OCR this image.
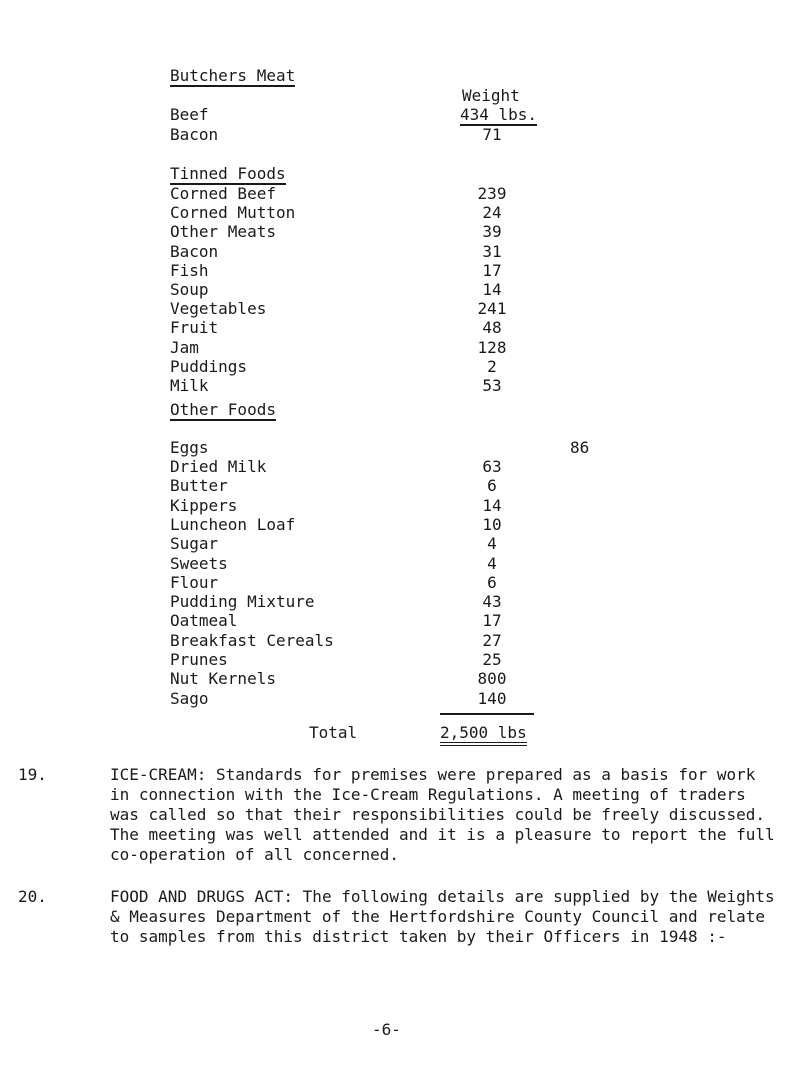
Butchers Meat
Weight
Beef	434 lbs.
Bacon	71
Tinned Foods
Corned Beef	239
Corned Mutton	24
Other Meats	39
Bacon	31
Fish	17
Soup	14
Vegetables	241
Fruit	48
Jam	128
Puddings	2
Milk	53
Other Foods
Eggs	86
Dried Milk	63
Butter	6
Kippers	14
Luncheon Loaf	10
Sugar	4
Sweets	4
Flour	6
Pudding Mixture	43
Oatmeal	17
Breakfast Cereals	27
Prunes	25
Nut Kernels	800
Sago	140
Total	2,500 lbs
19.	ICE-CREAM: Standards for premises were prepared as a basis for work in connection with the Ice-Cream Regulations. A meeting of traders was called so that their responsibilities could be freely discussed. The meeting was well attended and it is a pleasure to report the full co-operation of all concerned.
20.	FOOD AND DRUGS ACT: The following details are supplied by the Weights & Measures Department of the Hertfordshire County Council and relate to samples from this district taken by their Officers in 1948 :-
-6-
